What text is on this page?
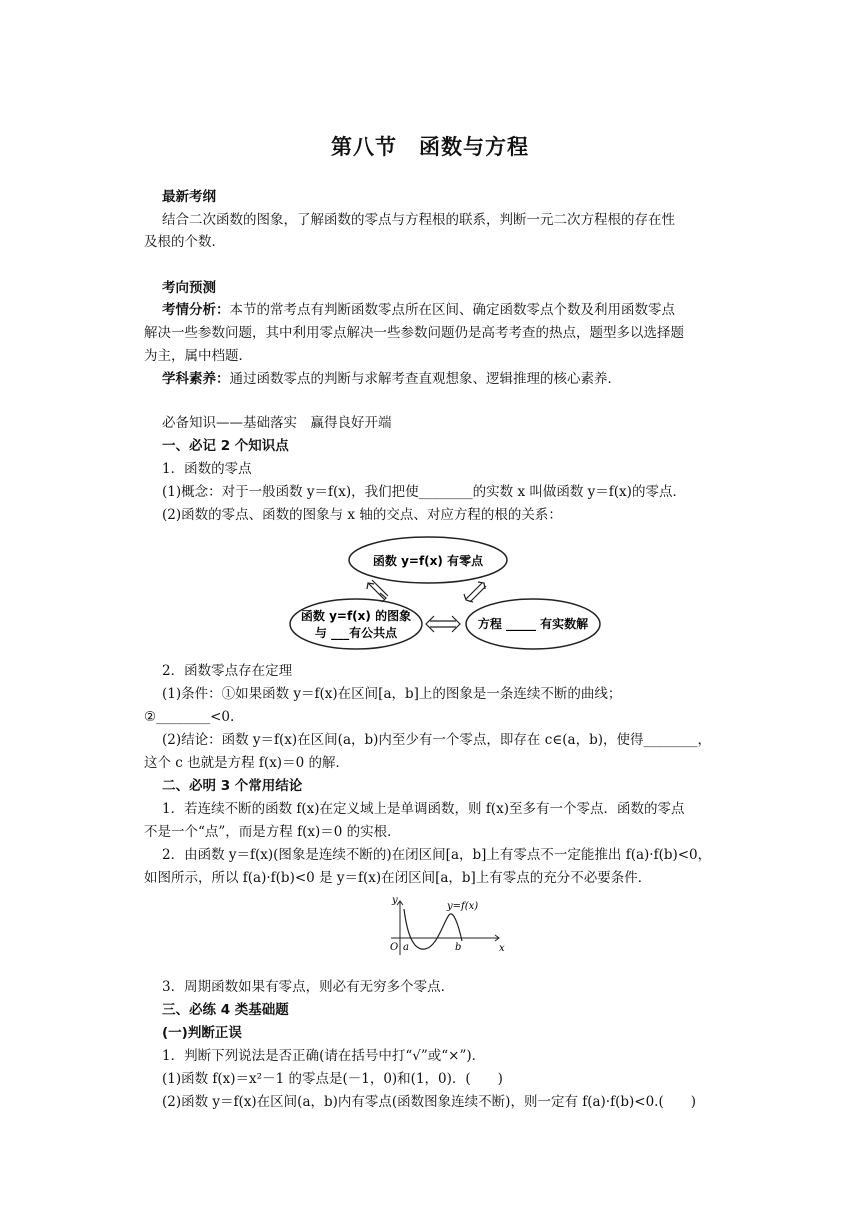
第八节　函数与方程
最新考纲
结合二次函数的图象，了解函数的零点与方程根的联系，判断一元二次方程根的存在性
及根的个数．
考向预测
考情分析：本节的常考点有判断函数零点所在区间、确定函数零点个数及利用函数零点
解决一些参数问题，其中利用零点解决一些参数问题仍是高考考查的热点，题型多以选择题
为主，属中档题．
学科素养：通过函数零点的判断与求解考查直观想象、逻辑推理的核心素养．
必备知识——基础落实　赢得良好开端
一、必记 2 个知识点
1．函数的零点
(1)概念：对于一般函数 y＝f(x)，我们把使________的实数 x 叫做函数 y＝f(x)的零点．
(2)函数的零点、函数的图象与 x 轴的交点、对应方程的根的关系：
函数 y=f(x) 有零点
函数 y=f(x) 的图象
与 ___有公共点
方程 _____ 有实数解
2．函数零点存在定理
(1)条件：①如果函数 y＝f(x)在区间[a，b]上的图象是一条连续不断的曲线；
②________<0.
(2)结论：函数 y＝f(x)在区间(a，b)内至少有一个零点，即存在 c∈(a，b)，使得________，
这个 c 也就是方程 f(x)＝0 的解．
二、必明 3 个常用结论
1．若连续不断的函数 f(x)在定义域上是单调函数，则 f(x)至多有一个零点．函数的零点
不是一个“点”，而是方程 f(x)＝0 的实根．
2．由函数 y＝f(x)(图象是连续不断的)在闭区间[a，b]上有零点不一定能推出 f(a)·f(b)<0，
如图所示，所以 f(a)·f(b)<0 是 y＝f(x)在闭区间[a，b]上有零点的充分不必要条件．
y
x
O a	b
y=f(x)
3．周期函数如果有零点，则必有无穷多个零点．
三、必练 4 类基础题
(一)判断正误
1．判断下列说法是否正确(请在括号中打“√”或“×”)．
(1)函数 f(x)＝x²－1 的零点是(－1，0)和(1，0)．(　　)
(2)函数 y＝f(x)在区间(a，b)内有零点(函数图象连续不断)，则一定有 f(a)·f(b)<0.(　　)
